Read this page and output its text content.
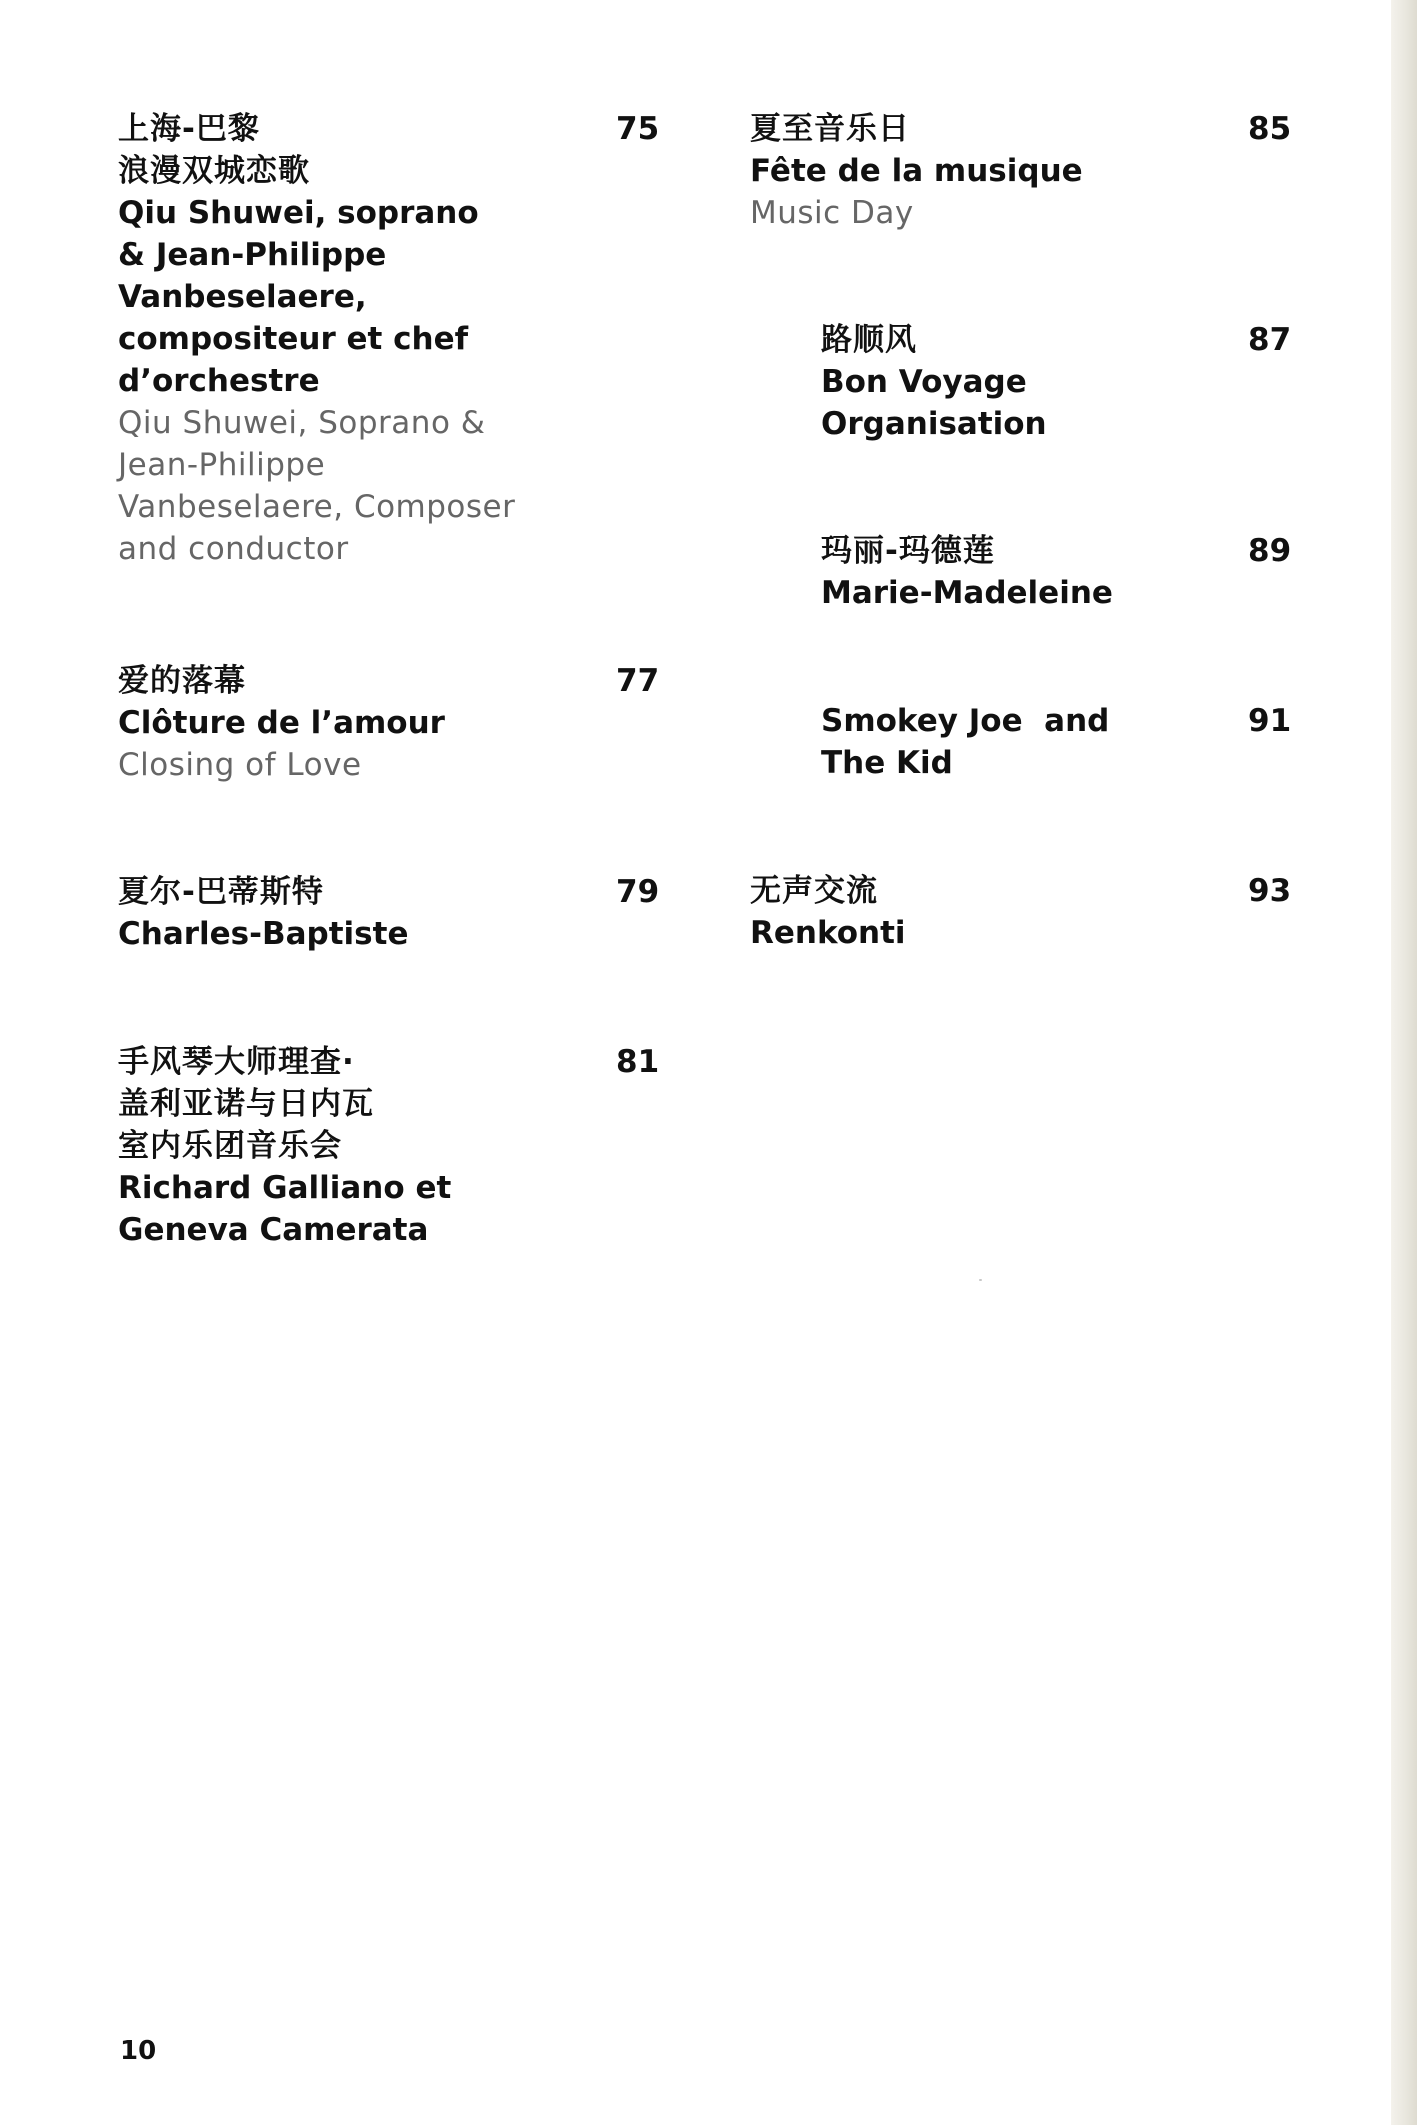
上海-巴黎
浪漫双城恋歌
Qiu Shuwei, soprano
& Jean-Philippe
Vanbeselaere,
compositeur et chef
d’orchestre
Qiu Shuwei, Soprano &
Jean-Philippe
Vanbeselaere, Composer
and conductor
75
爱的落幕
Clôture de l’amour
Closing of Love
77
夏尔-巴蒂斯特
Charles-Baptiste
79
手风琴大师理查·
盖利亚诺与日内瓦
室内乐团音乐会
Richard Galliano et
Geneva Camerata
81
夏至音乐日
Fête de la musique
Music Day
85
路顺风
Bon Voyage
Organisation
87
玛丽-玛德莲
Marie-Madeleine
89
Smokey Joe  and
The Kid
91
无声交流
Renkonti
93
10
